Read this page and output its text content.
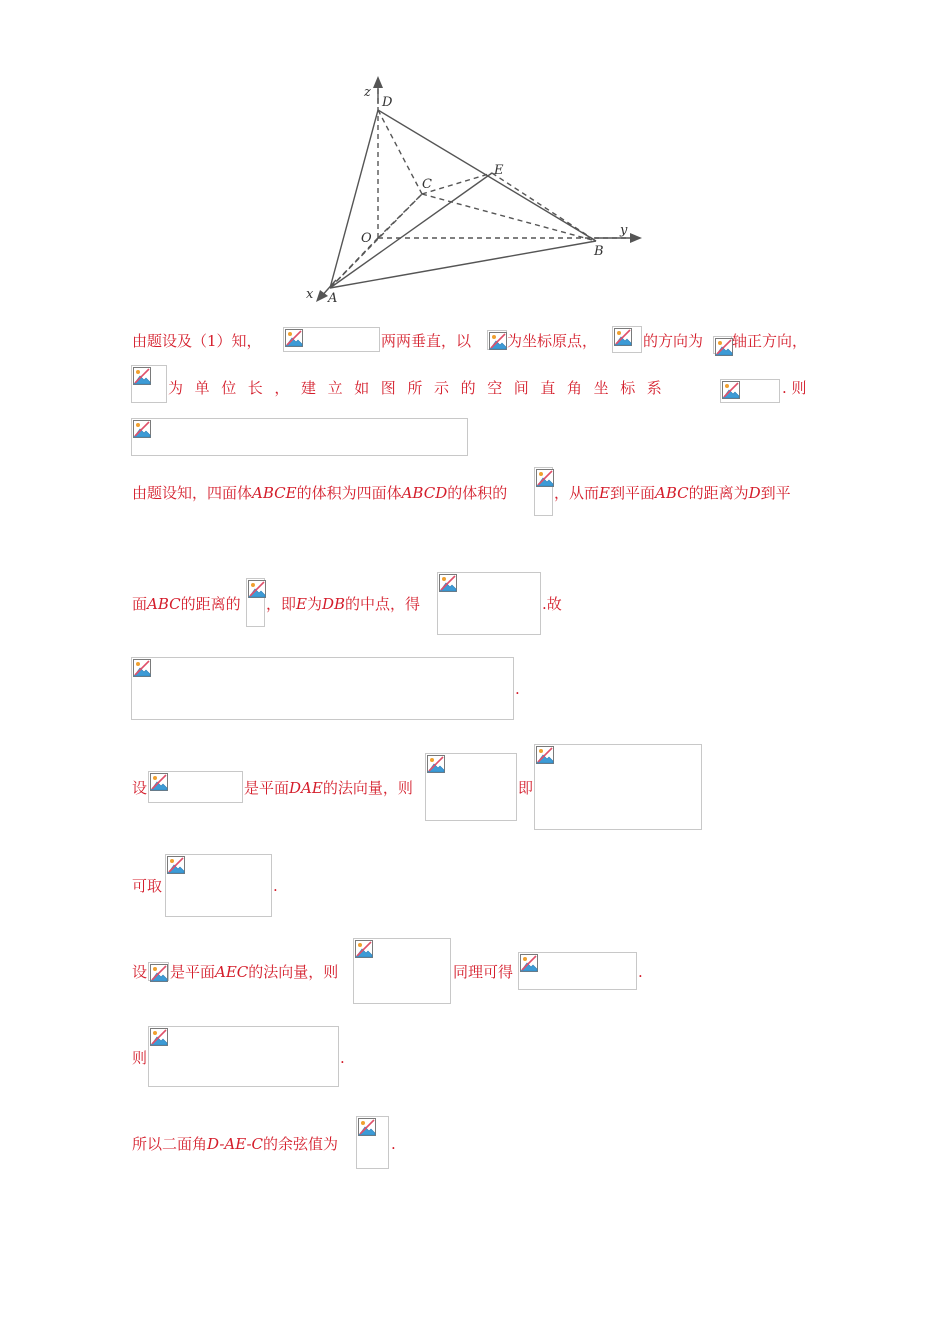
z
D
C
E
O
y
B
x A
由题设及（1）知，	两两垂直，以	为坐标原点，	的方向为	轴正方向，
为单位长，建立如图所示的空间直角坐标系	. 则
由题设知，四面体ABCE的体积为四面体ABCD的体积的	，从而E到平面ABC的距离为D到平
面ABC的距离的	，即E为DB的中点，得	.故
.
设	是平面DAE的法向量，则	即
可取	.
设	是平面AEC的法向量，则	同理可得	.
则	.
所以二面角D-AE-C的余弦值为	.
